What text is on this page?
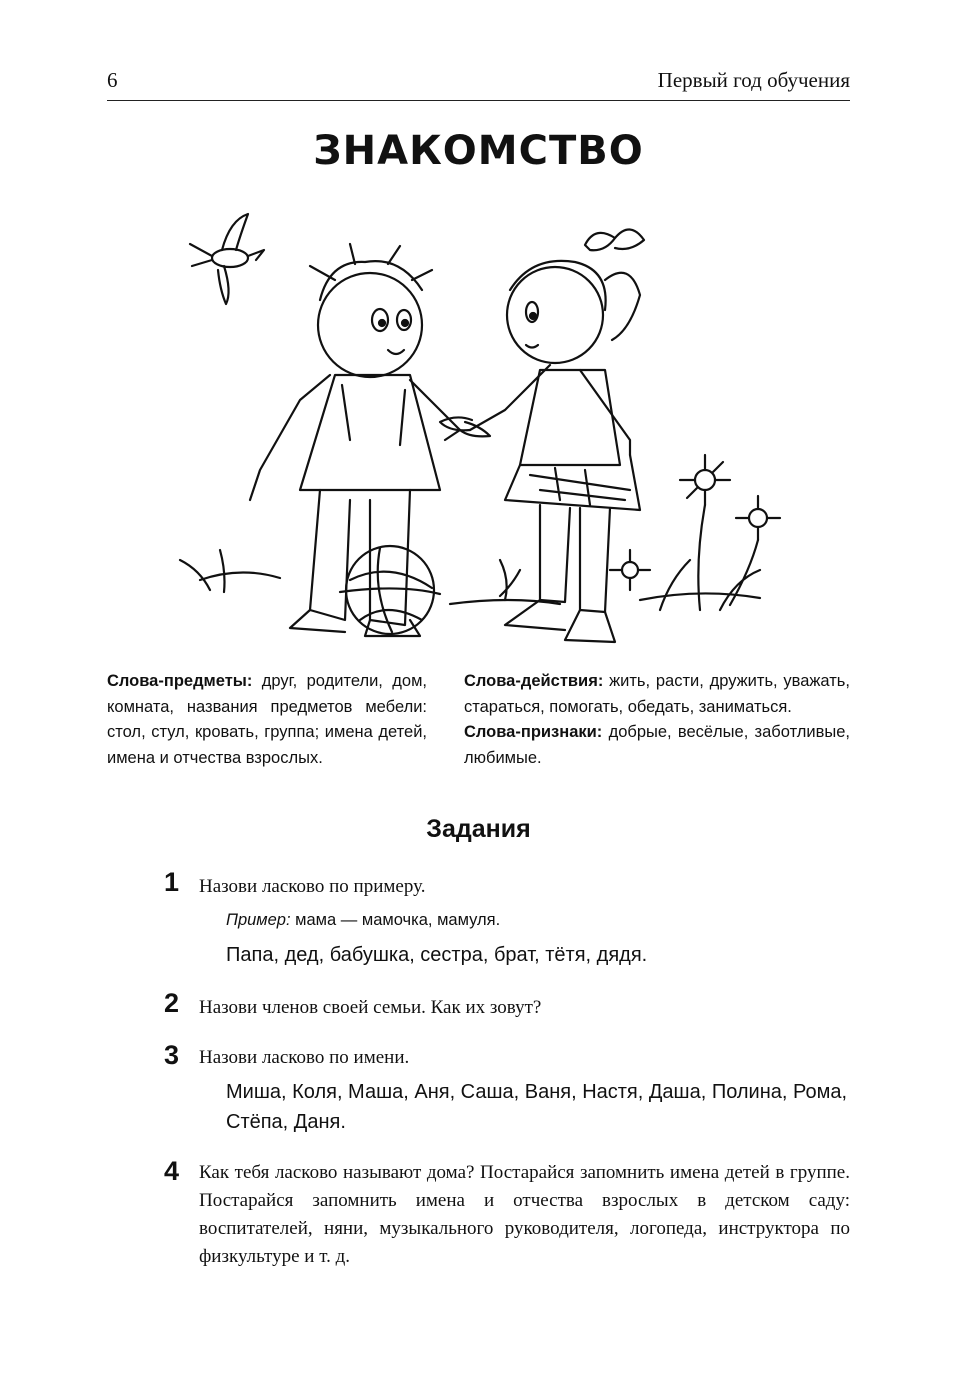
6	Первый год обучения
ЗНАКОМСТВО

Слова-предметы: друг, родители, дом, комната, названия предметов мебели: стол, стул, кровать, группа; имена детей, имена и отчества взрослых.

Слова-действия: жить, расти, дружить, уважать, стараться, помогать, обедать, заниматься.

Слова-признаки: добрые, весёлые, заботливые, любимые.

Задания
1 Назови ласково по примеру.
Пример: мама — мамочка, мамуля.
Папа, дед, бабушка, сестра, брат, тётя, дядя.
2 Назови членов своей семьи. Как их зовут?
3 Назови ласково по имени.
Миша, Коля, Маша, Аня, Саша, Ваня, Настя, Даша, Полина, Рома, Стёпа, Даня.
4 Как тебя ласково называют дома? Постарайся запомнить имена детей в группе. Постарайся запомнить имена и отчества взрослых в детском саду: воспитателей, няни, музыкального руководителя, логопеда, инструктора по физкультуре и т. д.
